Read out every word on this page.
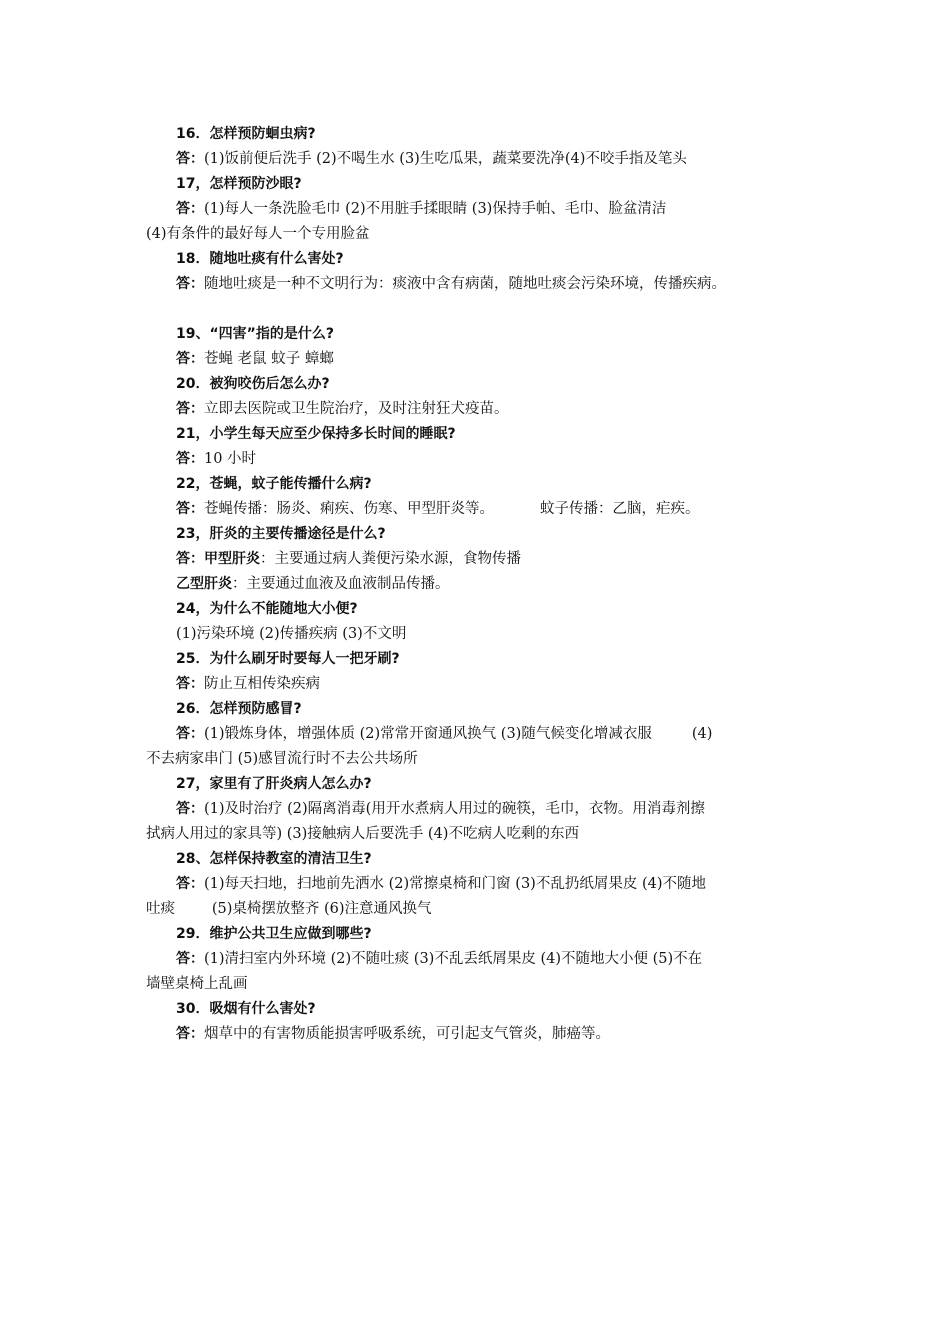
16．怎样预防蛔虫病?
答：(1)饭前便后洗手 (2)不喝生水 (3)生吃瓜果，蔬菜要洗净(4)不咬手指及笔头
17，怎样预防沙眼?
答：(1)每人一条洗脸毛巾 (2)不用脏手揉眼睛 (3)保持手帕、毛巾、脸盆清洁
(4)有条件的最好每人一个专用脸盆
18．随地吐痰有什么害处?
答：随地吐痰是一种不文明行为：痰液中含有病菌，随地吐痰会污染环境，传播疾病。
19、“四害”指的是什么?
答：苍蝇 老鼠 蚊子 蟑螂
20．被狗咬伤后怎么办?
答：立即去医院或卫生院治疗，及时注射狂犬疫苗。
21，小学生每天应至少保持多长时间的睡眠?
答：10 小时
22，苍蝇，蚊子能传播什么病?
答：苍蝇传播：肠炎、痢疾、伤寒、甲型肝炎等。	蚊子传播：乙脑，疟疾。
23，肝炎的主要传播途径是什么?
答：甲型肝炎：主要通过病人粪便污染水源，食物传播
乙型肝炎：主要通过血液及血液制品传播。
24，为什么不能随地大小便?
(1)污染环境 (2)传播疾病 (3)不文明
25．为什么刷牙时要每人一把牙刷?
答：防止互相传染疾病
26．怎样预防感冒?
答：(1)锻炼身体，增强体质 (2)常常开窗通风换气 (3)随气候变化增减衣服	(4)
不去病家串门 (5)感冒流行时不去公共场所
27，家里有了肝炎病人怎么办?
答：(1)及时治疗 (2)隔离消毒(用开水煮病人用过的碗筷，毛巾，衣物。用消毒剂擦
拭病人用过的家具等) (3)接触病人后要洗手 (4)不吃病人吃剩的东西
28、怎样保持教室的清洁卫生?
答：(1)每天扫地，扫地前先洒水 (2)常擦桌椅和门窗 (3)不乱扔纸屑果皮 (4)不随地
吐痰        (5)桌椅摆放整齐 (6)注意通风换气
29．维护公共卫生应做到哪些?
答：(1)清扫室内外环境 (2)不随吐痰 (3)不乱丢纸屑果皮 (4)不随地大小便 (5)不在
墙壁桌椅上乱画
30．吸烟有什么害处?
答：烟草中的有害物质能损害呼吸系统，可引起支气管炎，肺癌等。
